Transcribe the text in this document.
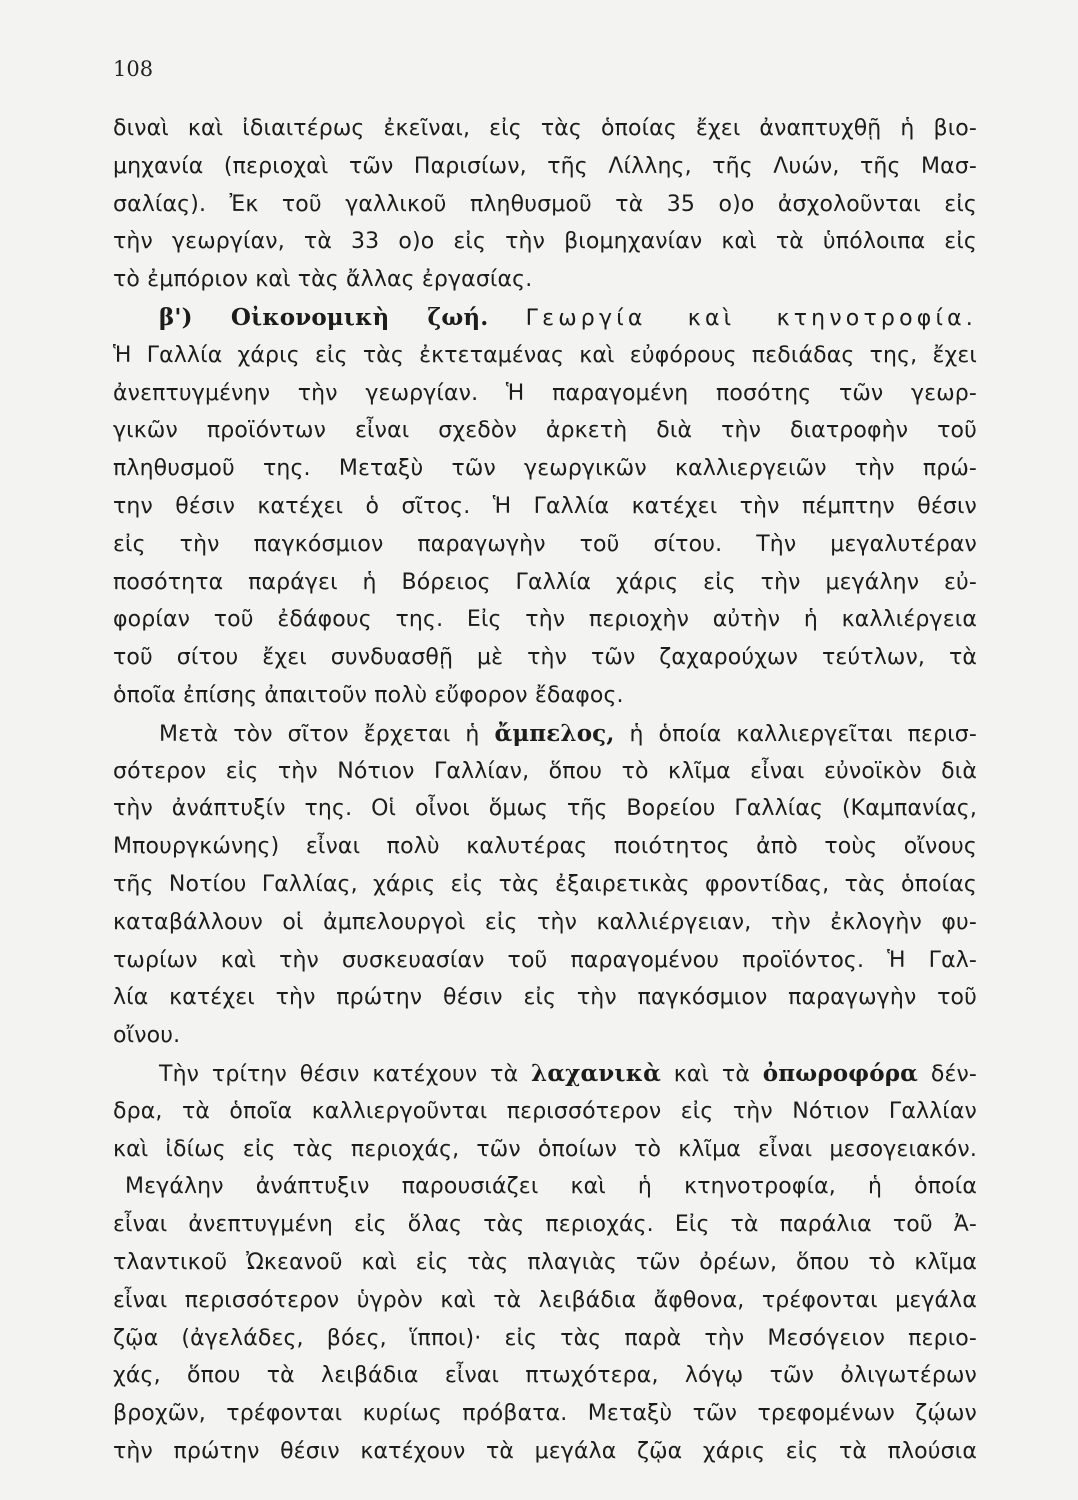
108
διναὶ καὶ ἰδιαιτέρως ἐκεῖναι, εἰς τὰς ὁποίας ἔχει ἀναπτυχθῇ ἡ βιο-
μηχανία (περιοχαὶ τῶν Παρισίων, τῆς Λίλλης, τῆς Λυών, τῆς Μασ-
σαλίας). Ἐκ τοῦ γαλλικοῦ πληθυσμοῦ τὰ 35 ο)ο ἀσχολοῦνται εἰς
τὴν γεωργίαν, τὰ 33 ο)ο εἰς τὴν βιομηχανίαν καὶ τὰ ὑπόλοιπα εἰς
τὸ ἐμπόριον καὶ τὰς ἄλλας ἐργασίας.
β') Οἰκονομικὴ ζωή. Γεωργία καὶ κτηνοτροφία.
Ἡ Γαλλία χάρις εἰς τὰς ἐκτεταμένας καὶ εὐφόρους πεδιάδας της, ἔχει
ἀνεπτυγμένην τὴν γεωργίαν. Ἡ παραγομένη ποσότης τῶν γεωρ-
γικῶν προϊόντων εἶναι σχεδὸν ἀρκετὴ διὰ τὴν διατροφὴν τοῦ
πληθυσμοῦ της. Μεταξὺ τῶν γεωργικῶν καλλιεργειῶν τὴν πρώ-
την θέσιν κατέχει ὁ σῖτος. Ἡ Γαλλία κατέχει τὴν πέμπτην θέσιν
εἰς τὴν παγκόσμιον παραγωγὴν τοῦ σίτου. Τὴν μεγαλυτέραν
ποσότητα παράγει ἡ Βόρειος Γαλλία χάρις εἰς τὴν μεγάλην εὐ-
φορίαν τοῦ ἐδάφους της. Εἰς τὴν περιοχὴν αὐτὴν ἡ καλλιέργεια
τοῦ σίτου ἔχει συνδυασθῇ μὲ τὴν τῶν ζαχαρούχων τεύτλων, τὰ
ὁποῖα ἐπίσης ἀπαιτοῦν πολὺ εὔφορον ἔδαφος.
Μετὰ τὸν σῖτον ἔρχεται ἡ ἄμπελος, ἡ ὁποία καλλιεργεῖται περισ-
σότερον εἰς τὴν Νότιον Γαλλίαν, ὅπου τὸ κλῖμα εἶναι εὐνοϊκὸν διὰ
τὴν ἀνάπτυξίν της. Οἱ οἶνοι ὅμως τῆς Βορείου Γαλλίας (Καμπανίας,
Μπουργκώνης) εἶναι πολὺ καλυτέρας ποιότητος ἀπὸ τοὺς οἴνους
τῆς Νοτίου Γαλλίας, χάρις εἰς τὰς ἐξαιρετικὰς φροντίδας, τὰς ὁποίας
καταβάλλουν οἱ ἀμπελουργοὶ εἰς τὴν καλλιέργειαν, τὴν ἐκλογὴν φυ-
τωρίων καὶ τὴν συσκευασίαν τοῦ παραγομένου προϊόντος. Ἡ Γαλ-
λία κατέχει τὴν πρώτην θέσιν εἰς τὴν παγκόσμιον παραγωγὴν τοῦ
οἴνου.
Τὴν τρίτην θέσιν κατέχουν τὰ λαχανικὰ καὶ τὰ ὀπωροφόρα δέν-
δρα, τὰ ὁποῖα καλλιεργοῦνται περισσότερον εἰς τὴν Νότιον Γαλλίαν
καὶ ἰδίως εἰς τὰς περιοχάς, τῶν ὁποίων τὸ κλῖμα εἶναι μεσογειακόν.
Μεγάλην ἀνάπτυξιν παρουσιάζει καὶ ἡ κτηνοτροφία, ἡ ὁποία
εἶναι ἀνεπτυγμένη εἰς ὅλας τὰς περιοχάς. Εἰς τὰ παράλια τοῦ Ἀ-
τλαντικοῦ Ὠκεανοῦ καὶ εἰς τὰς πλαγιὰς τῶν ὀρέων, ὅπου τὸ κλῖμα
εἶναι περισσότερον ὑγρὸν καὶ τὰ λειβάδια ἄφθονα, τρέφονται μεγάλα
ζῷα (ἀγελάδες, βόες, ἵπποι)· εἰς τὰς παρὰ τὴν Μεσόγειον περιο-
χάς, ὅπου τὰ λειβάδια εἶναι πτωχότερα, λόγῳ τῶν ὀλιγωτέρων
βροχῶν, τρέφονται κυρίως πρόβατα. Μεταξὺ τῶν τρεφομένων ζῴων
τὴν πρώτην θέσιν κατέχουν τὰ μεγάλα ζῷα χάρις εἰς τὰ πλούσια
